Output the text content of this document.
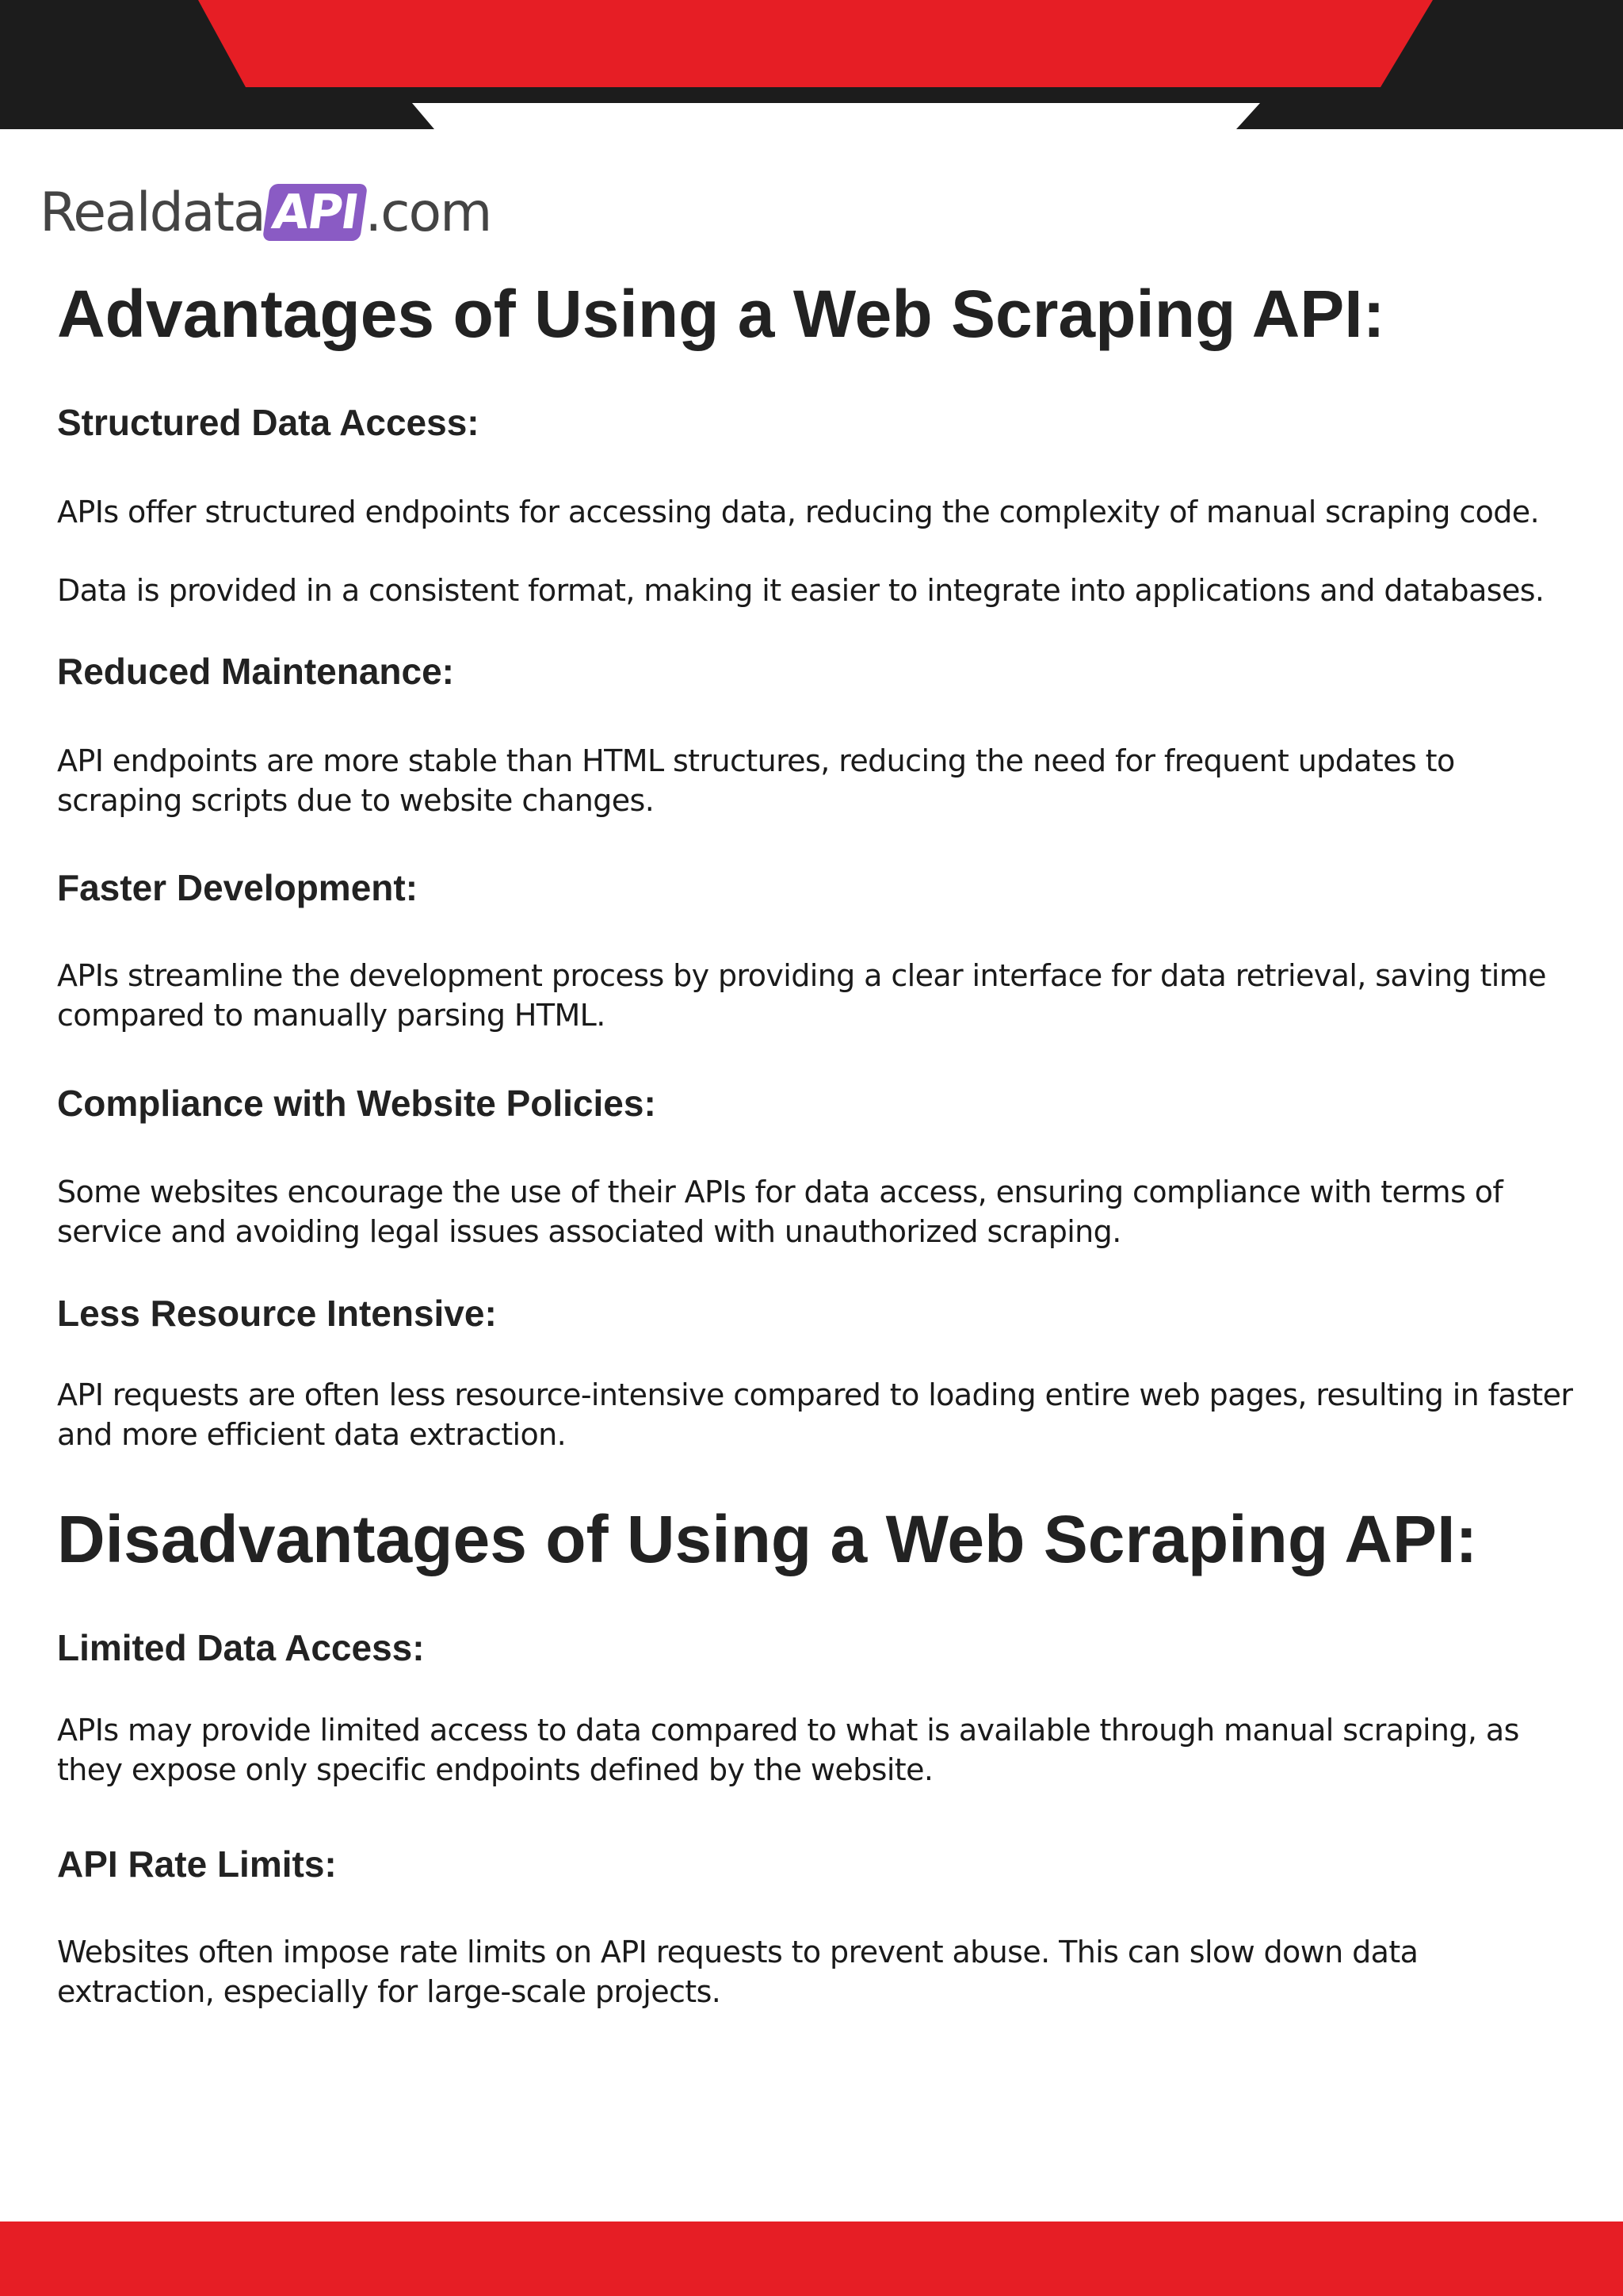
Realdata API .com
Advantages of Using a Web Scraping API:
Structured Data Access:

APIs offer structured endpoints for accessing data, reducing the complexity of manual scraping code.

Data is provided in a consistent format, making it easier to integrate into applications and databases.

Reduced Maintenance:

API endpoints are more stable than HTML structures, reducing the need for frequent updates to scraping scripts due to website changes.

Faster Development:

APIs streamline the development process by providing a clear interface for data retrieval, saving time compared to manually parsing HTML.

Compliance with Website Policies:

Some websites encourage the use of their APIs for data access, ensuring compliance with terms of service and avoiding legal issues associated with unauthorized scraping.

Less Resource Intensive:

API requests are often less resource-intensive compared to loading entire web pages, resulting in faster and more efficient data extraction.

Disadvantages of Using a Web Scraping API:
Limited Data Access:

APIs may provide limited access to data compared to what is available through manual scraping, as they expose only specific endpoints defined by the website.

API Rate Limits:

Websites often impose rate limits on API requests to prevent abuse. This can slow down data extraction, especially for large-scale projects.
